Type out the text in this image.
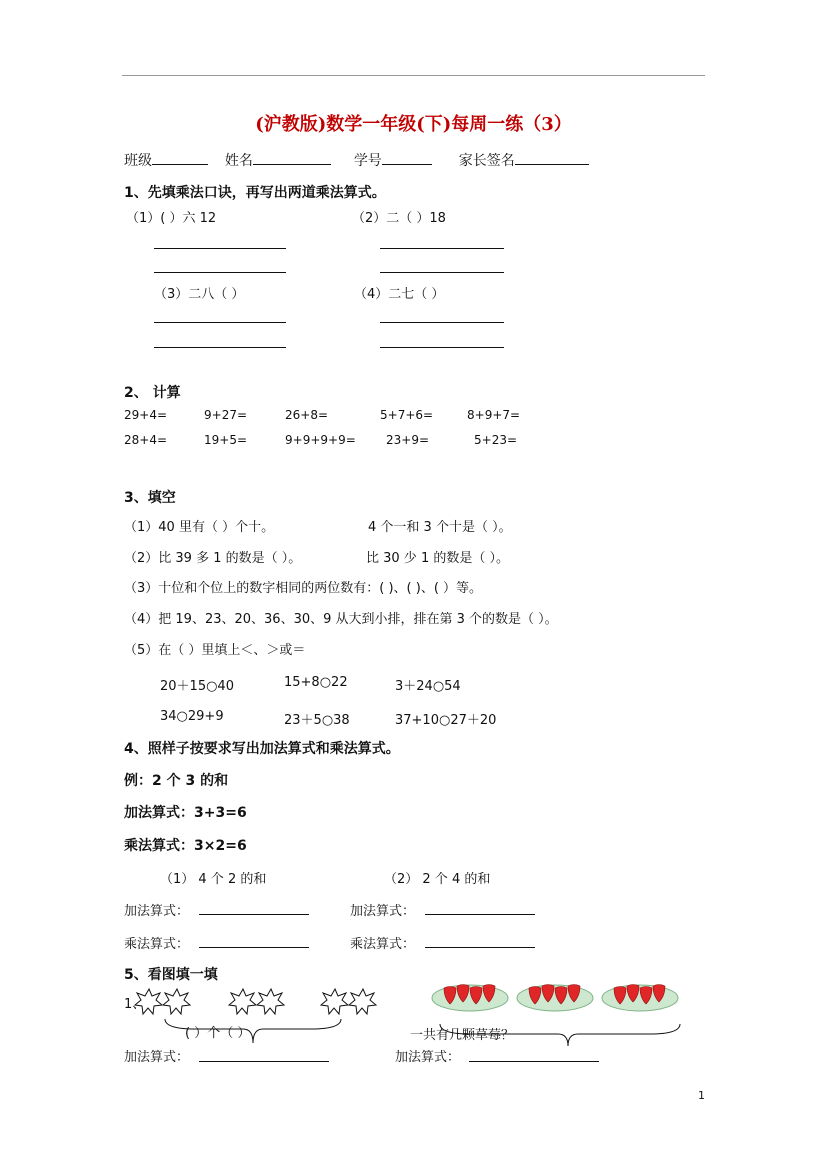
(沪教版)数学一年级(下)每周一练（3）
班级	姓名	学号	家长签名
1、先填乘法口诀，再写出两道乘法算式。
（1）( ）六 12	（2）二（ ）18
（3）二八（ ）	（4）二七（ ）
2、 计算
29+4=	9+27=	26+8=	5+7+6=	8+9+7=
28+4=	19+5=	9+9+9+9=	23+9=	5+23=
3、填空
（1）40 里有（ ）个十。	4 个一和 3 个十是（ ）。
（2）比 39 多 1 的数是（ ）。	比 30 少 1 的数是（ ）。
（3）十位和个位上的数字相同的两位数有：( )、( )、( ）等。
（4）把 19、23、20、36、30、9 从大到小排，排在第 3 个的数是（ ）。
（5）在（ ）里填上＜、＞或＝
20＋15○40	15+8○22	3＋24○54
34○29+9	23＋5○38	37+10○27＋20
4、照样子按要求写出加法算式和乘法算式。
例：2 个 3 的和
加法算式：3+3=6
乘法算式：3×2=6
（1） 4 个 2 的和	（2） 2 个 4 的和
加法算式：	加法算式：
乘法算式：	乘法算式：
5、看图填一填
1、
( ）个（ ）	一共有几颗草莓？
加法算式：	加法算式：
1
